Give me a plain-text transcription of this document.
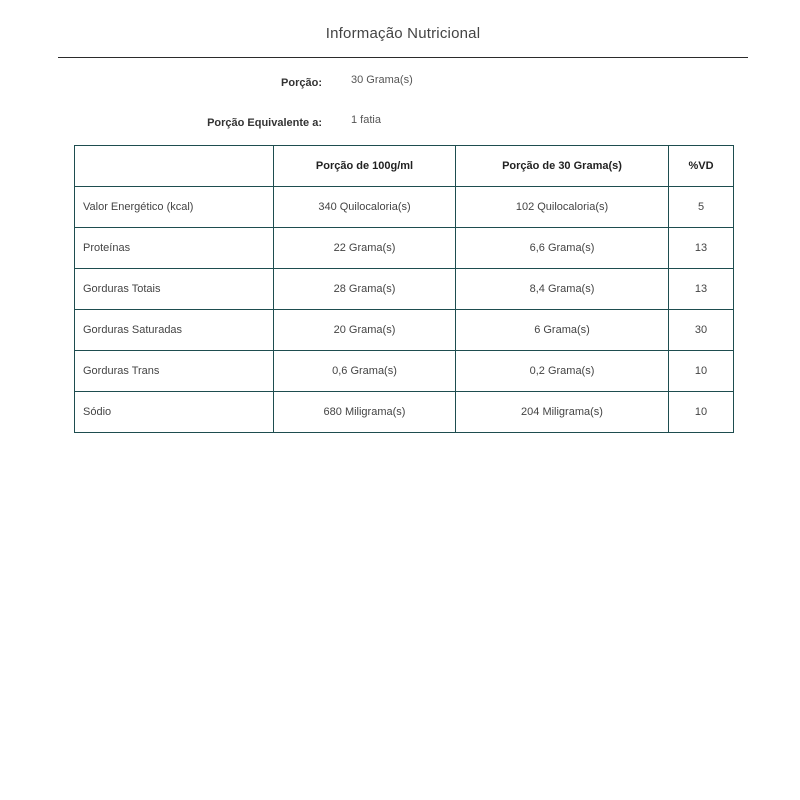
Informação Nutricional
Porção:	30 Grama(s)
Porção Equivalente a:	1 fatia
	Porção de 100g/ml	Porção de 30 Grama(s)	%VD
Valor Energético (kcal)	340 Quilocaloria(s)	102 Quilocaloria(s)	5
Proteínas	22 Grama(s)	6,6 Grama(s)	13
Gorduras Totais	28 Grama(s)	8,4 Grama(s)	13
Gorduras Saturadas	20 Grama(s)	6 Grama(s)	30
Gorduras Trans	0,6 Grama(s)	0,2 Grama(s)	10
Sódio	680 Miligrama(s)	204 Miligrama(s)	10
